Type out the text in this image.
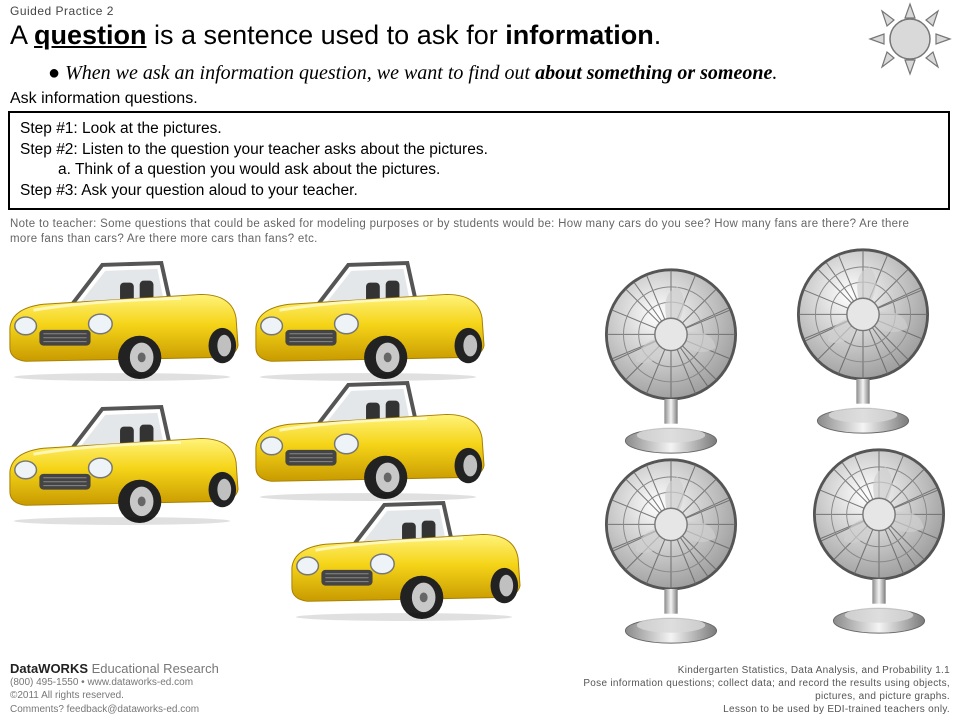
Guided Practice 2
A question is a sentence used to ask for information.
● When we ask an information question, we want to find out about something or someone.
Ask information questions.
Step #1: Look at the pictures.
Step #2: Listen to the question your teacher asks about the pictures.
a. Think of a question you would ask about the pictures.
Step #3: Ask your question aloud to your teacher.
Note to teacher: Some questions that could be asked for modeling purposes or by students would be: How many cars do you see? How many fans are there? Are there more fans than cars? Are there more cars than fans? etc.
DataWORKS Educational Research
(800) 495-1550 • www.dataworks-ed.com
©2011 All rights reserved.
Comments? feedback@dataworks-ed.com
Kindergarten Statistics, Data Analysis, and Probability 1.1
Pose information questions; collect data; and record the results using objects,
pictures, and picture graphs.
Lesson to be used by EDI-trained teachers only.
